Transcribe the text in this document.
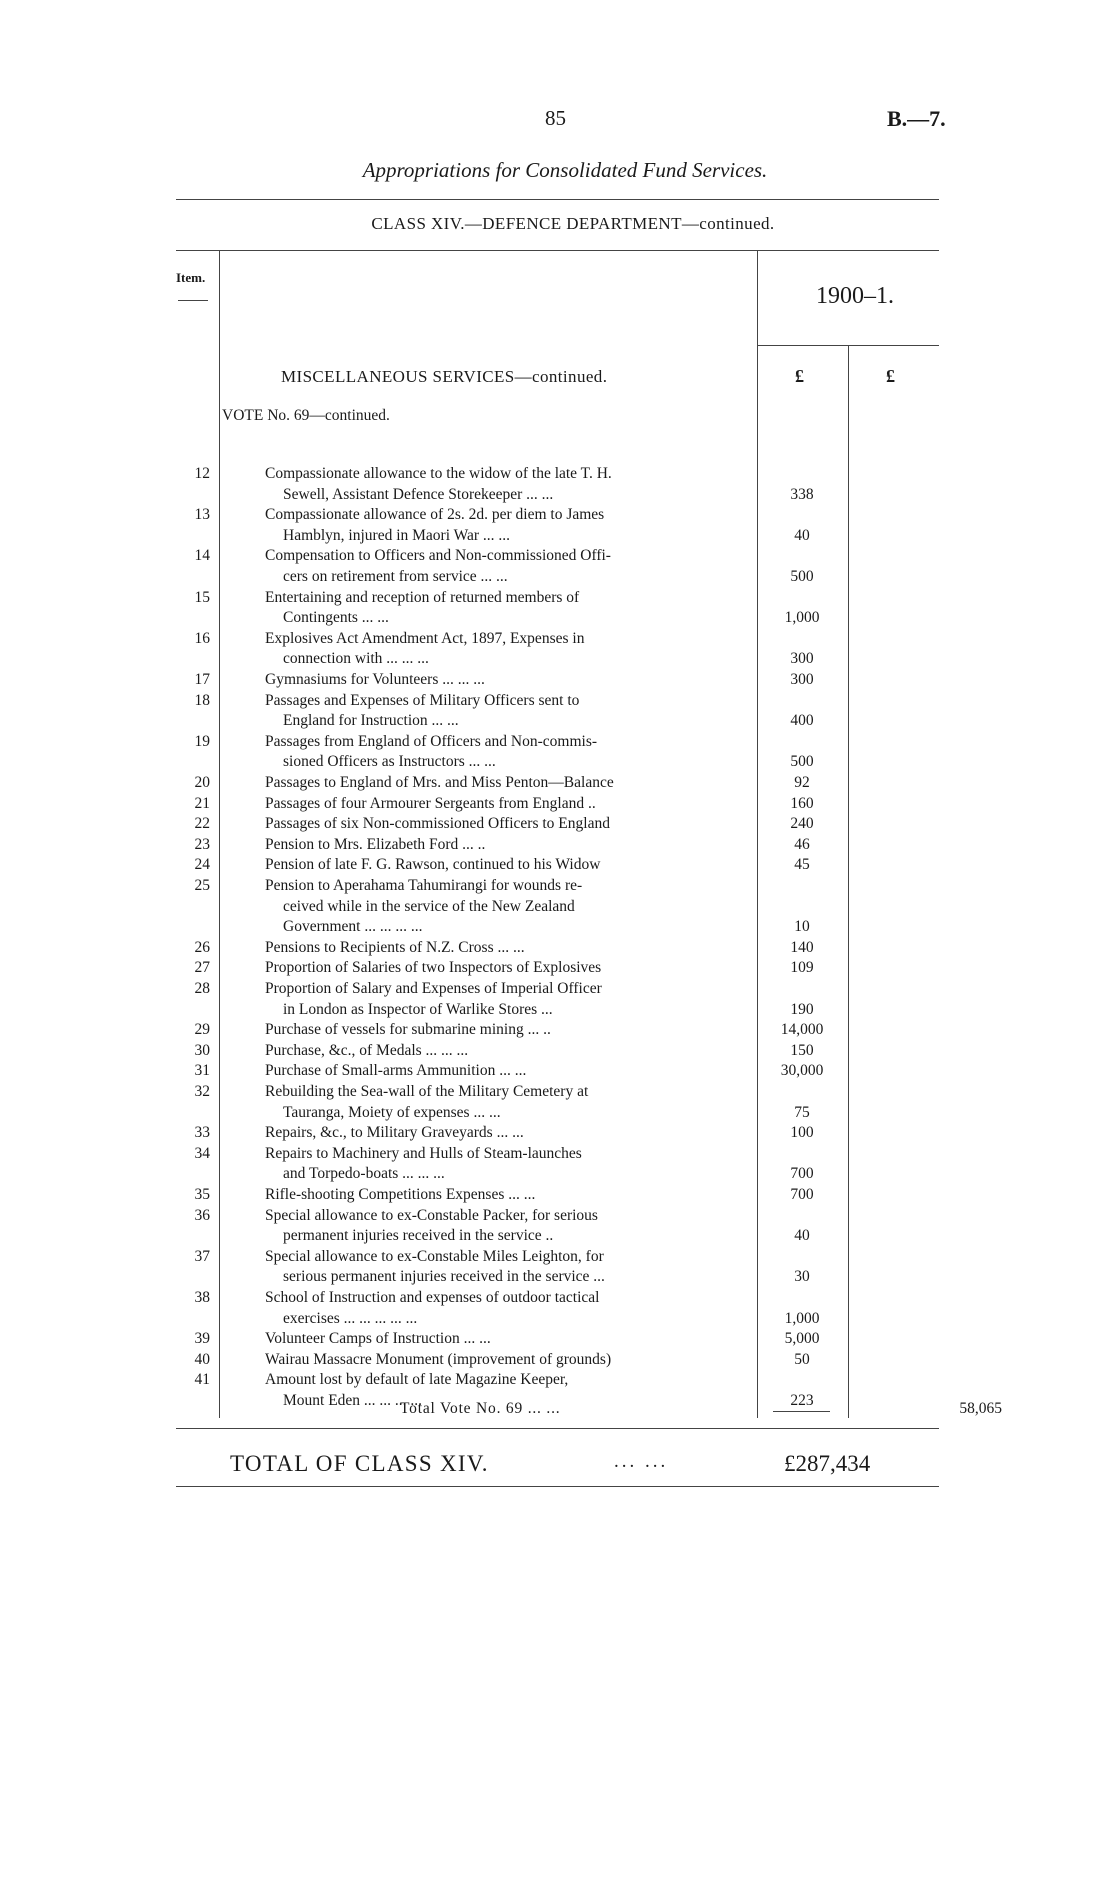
85	B.—7.
Appropriations for Consolidated Fund Services.
CLASS XIV.—DEFENCE DEPARTMENT—continued.
Item.
1900–1.
MISCELLANEOUS SERVICES—continued.	£	£
VOTE No. 69—continued.
12	Compassionate allowance to the widow of the late T. H.
Sewell, Assistant Defence Storekeeper ... ...	338
13	Compassionate allowance of 2s. 2d. per diem to James
Hamblyn, injured in Maori War ... ...	40
14	Compensation to Officers and Non-commissioned Offi-
cers on retirement from service ... ...	500
15	Entertaining and reception of returned members of
Contingents ... ...	1,000
16	Explosives Act Amendment Act, 1897, Expenses in
connection with ... ... ...	300
17	Gymnasiums for Volunteers ... ... ...	300
18	Passages and Expenses of Military Officers sent to
England for Instruction ... ...	400
19	Passages from England of Officers and Non-commis-
sioned Officers as Instructors ... ...	500
20	Passages to England of Mrs. and Miss Penton—Balance	92
21	Passages of four Armourer Sergeants from England ..	160
22	Passages of six Non-commissioned Officers to England	240
23	Pension to Mrs. Elizabeth Ford ... ..	46
24	Pension of late F. G. Rawson, continued to his Widow	45
25	Pension to Aperahama Tahumirangi for wounds re-
ceived while in the service of the New Zealand
Government ... ... ... ...	10
26	Pensions to Recipients of N.Z. Cross ... ...	140
27	Proportion of Salaries of two Inspectors of Explosives	109
28	Proportion of Salary and Expenses of Imperial Officer
in London as Inspector of Warlike Stores ...	190
29	Purchase of vessels for submarine mining ... ..	14,000
30	Purchase, &c., of Medals ... ... ...	150
31	Purchase of Small-arms Ammunition ... ...	30,000
32	Rebuilding the Sea-wall of the Military Cemetery at
Tauranga, Moiety of expenses ... ...	75
33	Repairs, &c., to Military Graveyards ... ...	100
34	Repairs to Machinery and Hulls of Steam-launches
and Torpedo-boats ... ... ...	700
35	Rifle-shooting Competitions Expenses ... ...	700
36	Special allowance to ex-Constable Packer, for serious
permanent injuries received in the service ..	40
37	Special allowance to ex-Constable Miles Leighton, for
serious permanent injuries received in the service ...	30
38	School of Instruction and expenses of outdoor tactical
exercises ... ... ... ... ...	1,000
39	Volunteer Camps of Instruction ... ...	5,000
40	Wairau Massacre Monument (improvement of grounds)	50
41	Amount lost by default of late Magazine Keeper,
Mount Eden ... ... ... ...	223
Total Vote No. 69 ... ...	58,065
TOTAL OF CLASS XIV.	... ...	£287,434
